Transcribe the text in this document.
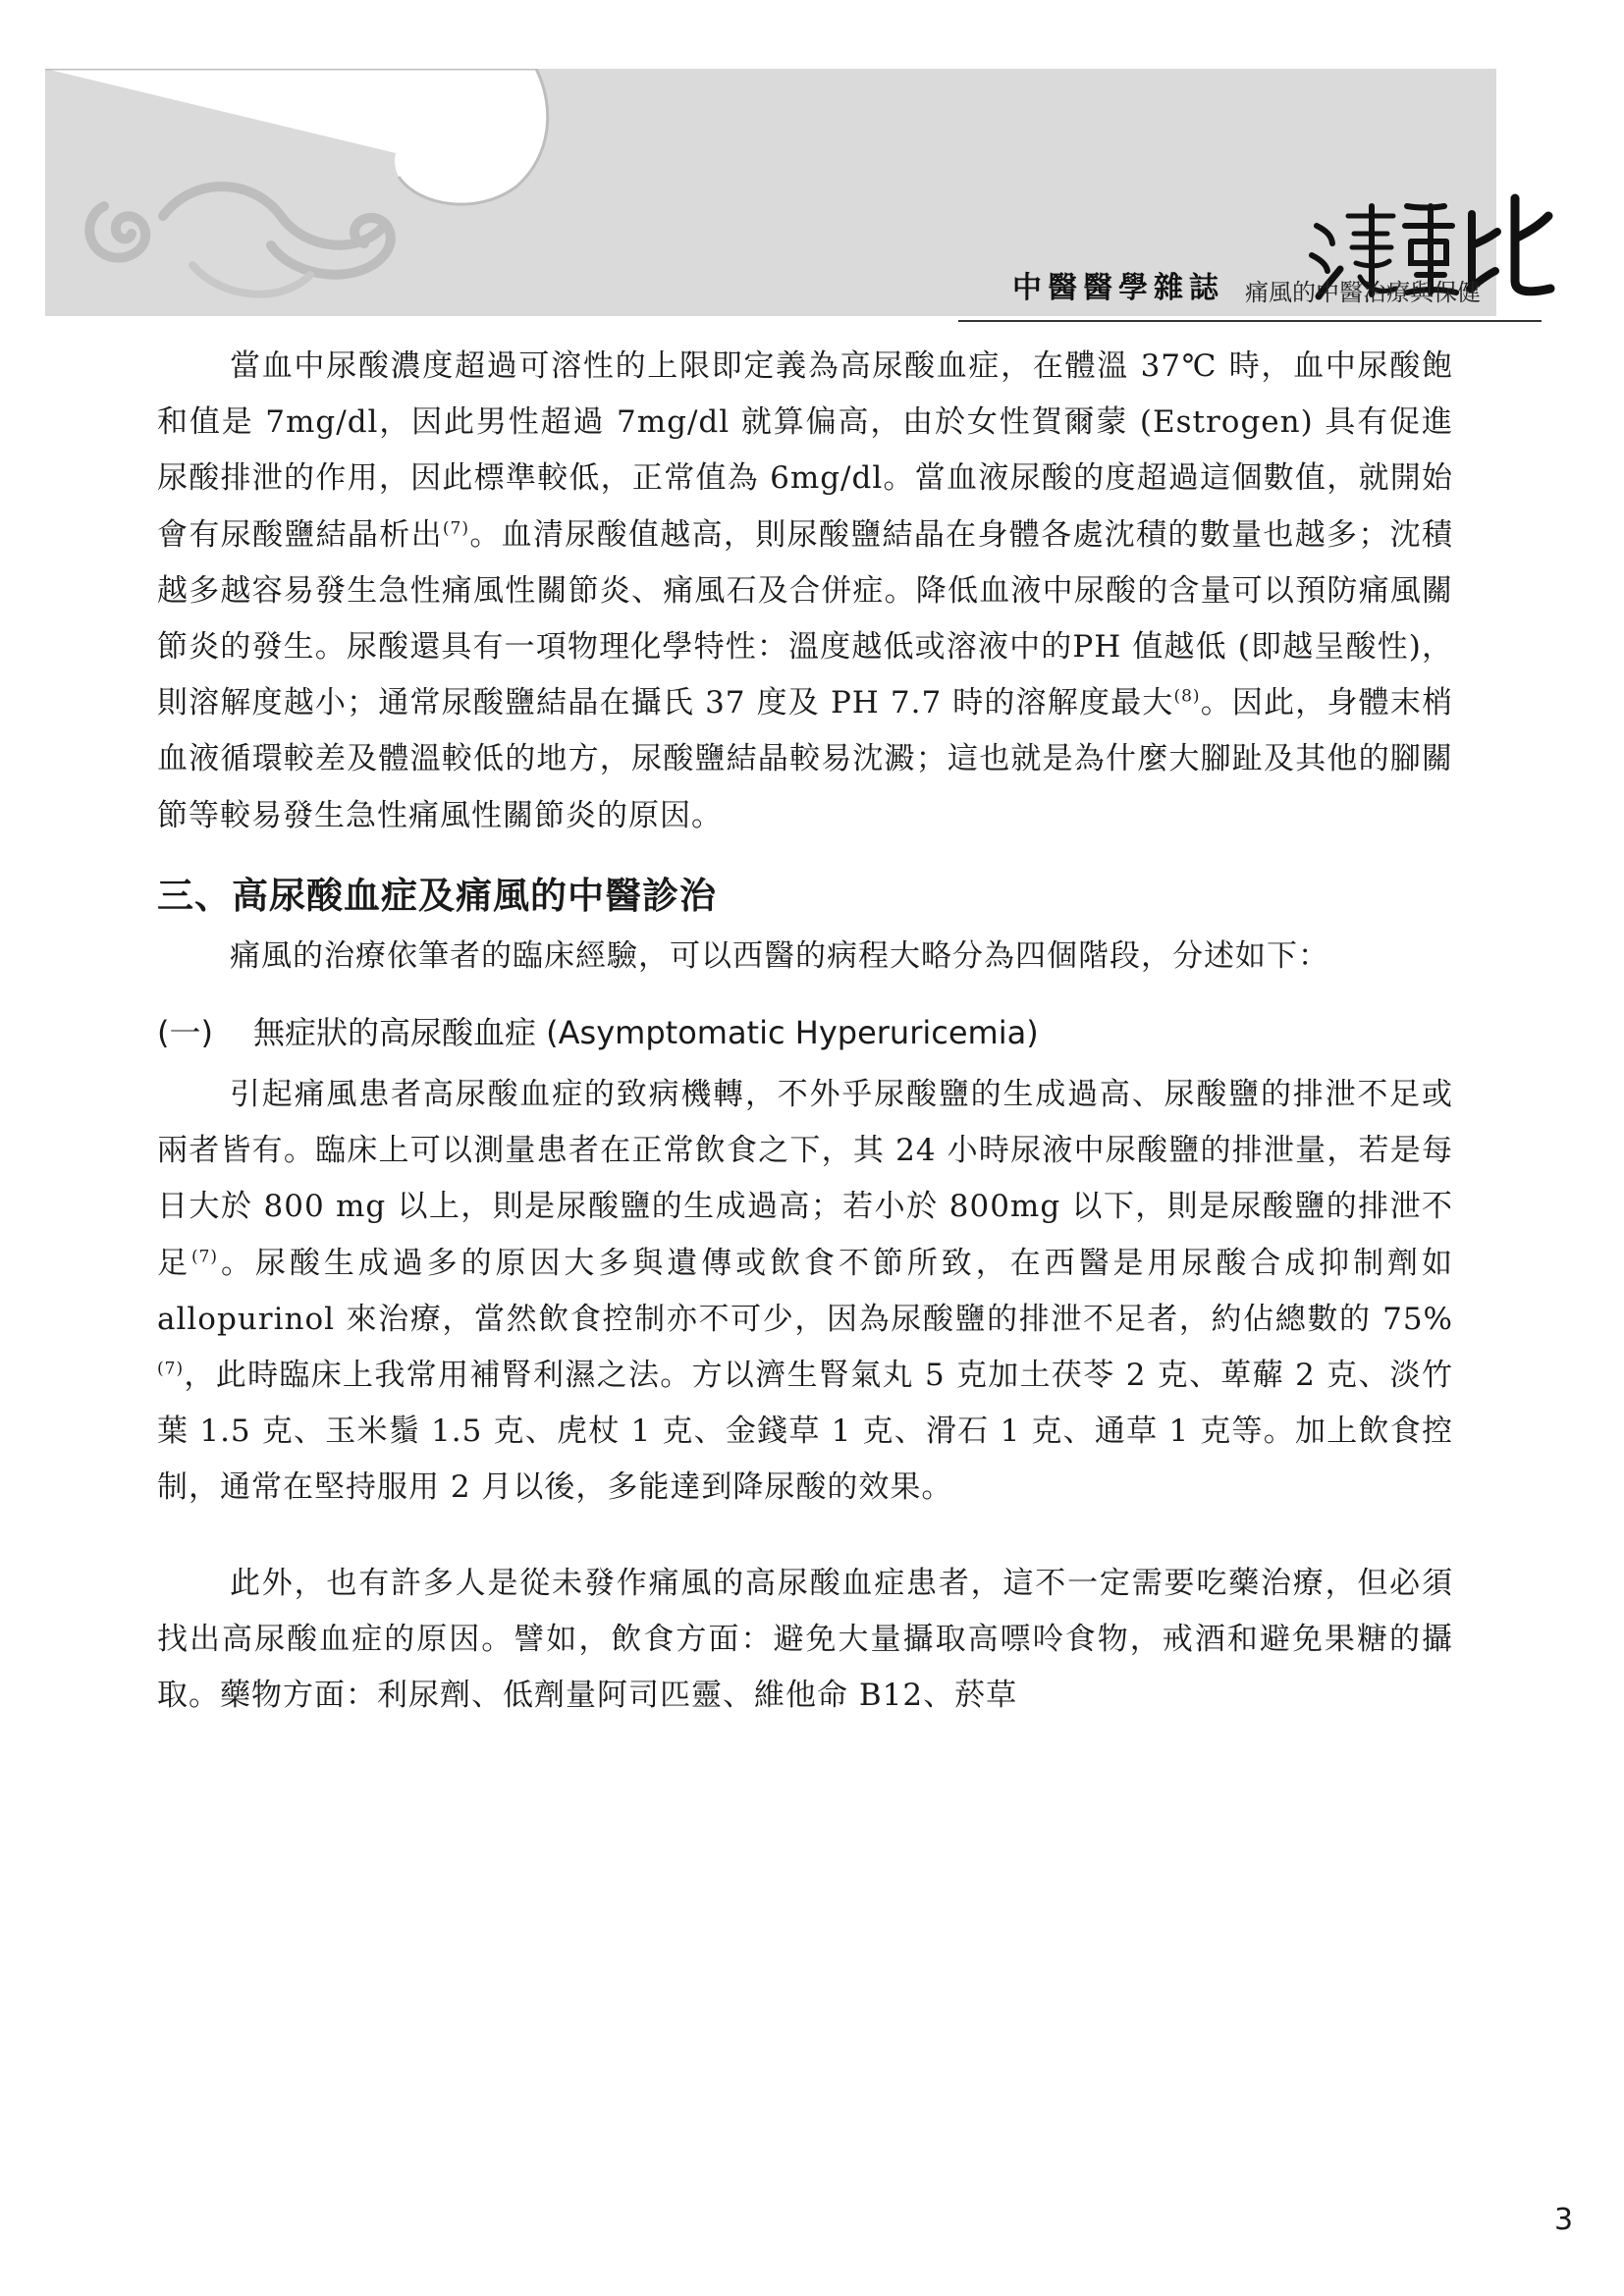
中醫醫學雜誌 痛風的中醫治療與保健

當血中尿酸濃度超過可溶性的上限即定義為高尿酸血症，在體溫 37℃ 時，血中尿酸飽和值是 7mg/dl，因此男性超過 7mg/dl 就算偏高，由於女性賀爾蒙 (Estrogen) 具有促進尿酸排泄的作用，因此標準較低，正常值為 6mg/dl。當血液尿酸的度超過這個數值，就開始會有尿酸鹽結晶析出$^{(7)}$。血清尿酸值越高，則尿酸鹽結晶在身體各處沈積的數量也越多；沈積越多越容易發生急性痛風性關節炎、痛風石及合併症。降低血液中尿酸的含量可以預防痛風關節炎的發生。尿酸還具有一項物理化學特性：溫度越低或溶液中的PH 值越低 (即越呈酸性)，則溶解度越小；通常尿酸鹽結晶在攝氏 37 度及 PH 7.7 時的溶解度最大$^{(8)}$。因此，身體末梢血液循環較差及體溫較低的地方，尿酸鹽結晶較易沈澱；這也就是為什麼大腳趾及其他的腳關節等較易發生急性痛風性關節炎的原因。

三、高尿酸血症及痛風的中醫診治

痛風的治療依筆者的臨床經驗，可以西醫的病程大略分為四個階段，分述如下：

(一) 無症狀的高尿酸血症 (Asymptomatic Hyperuricemia)

引起痛風患者高尿酸血症的致病機轉，不外乎尿酸鹽的生成過高、尿酸鹽的排泄不足或兩者皆有。臨床上可以測量患者在正常飲食之下，其 24 小時尿液中尿酸鹽的排泄量，若是每日大於 800 mg 以上，則是尿酸鹽的生成過高；若小於 800mg 以下，則是尿酸鹽的排泄不足$^{(7)}$。尿酸生成過多的原因大多與遺傳或飲食不節所致，在西醫是用尿酸合成抑制劑如 allopurinol 來治療，當然飲食控制亦不可少，因為尿酸鹽的排泄不足者，約佔總數的 75% $^{(7)}$，此時臨床上我常用補腎利濕之法。方以濟生腎氣丸 5 克加土茯苓 2 克、萆薢 2 克、淡竹葉 1.5 克、玉米鬚 1.5 克、虎杖 1 克、金錢草 1 克、滑石 1 克、通草 1 克等。加上飲食控制，通常在堅持服用 2 月以後，多能達到降尿酸的效果。

此外，也有許多人是從未發作痛風的高尿酸血症患者，這不一定需要吃藥治療，但必須找出高尿酸血症的原因。譬如，飲食方面：避免大量攝取高嘌呤食物，戒酒和避免果糖的攝取。藥物方面：利尿劑、低劑量阿司匹靈、維他命 B12、菸草

3
